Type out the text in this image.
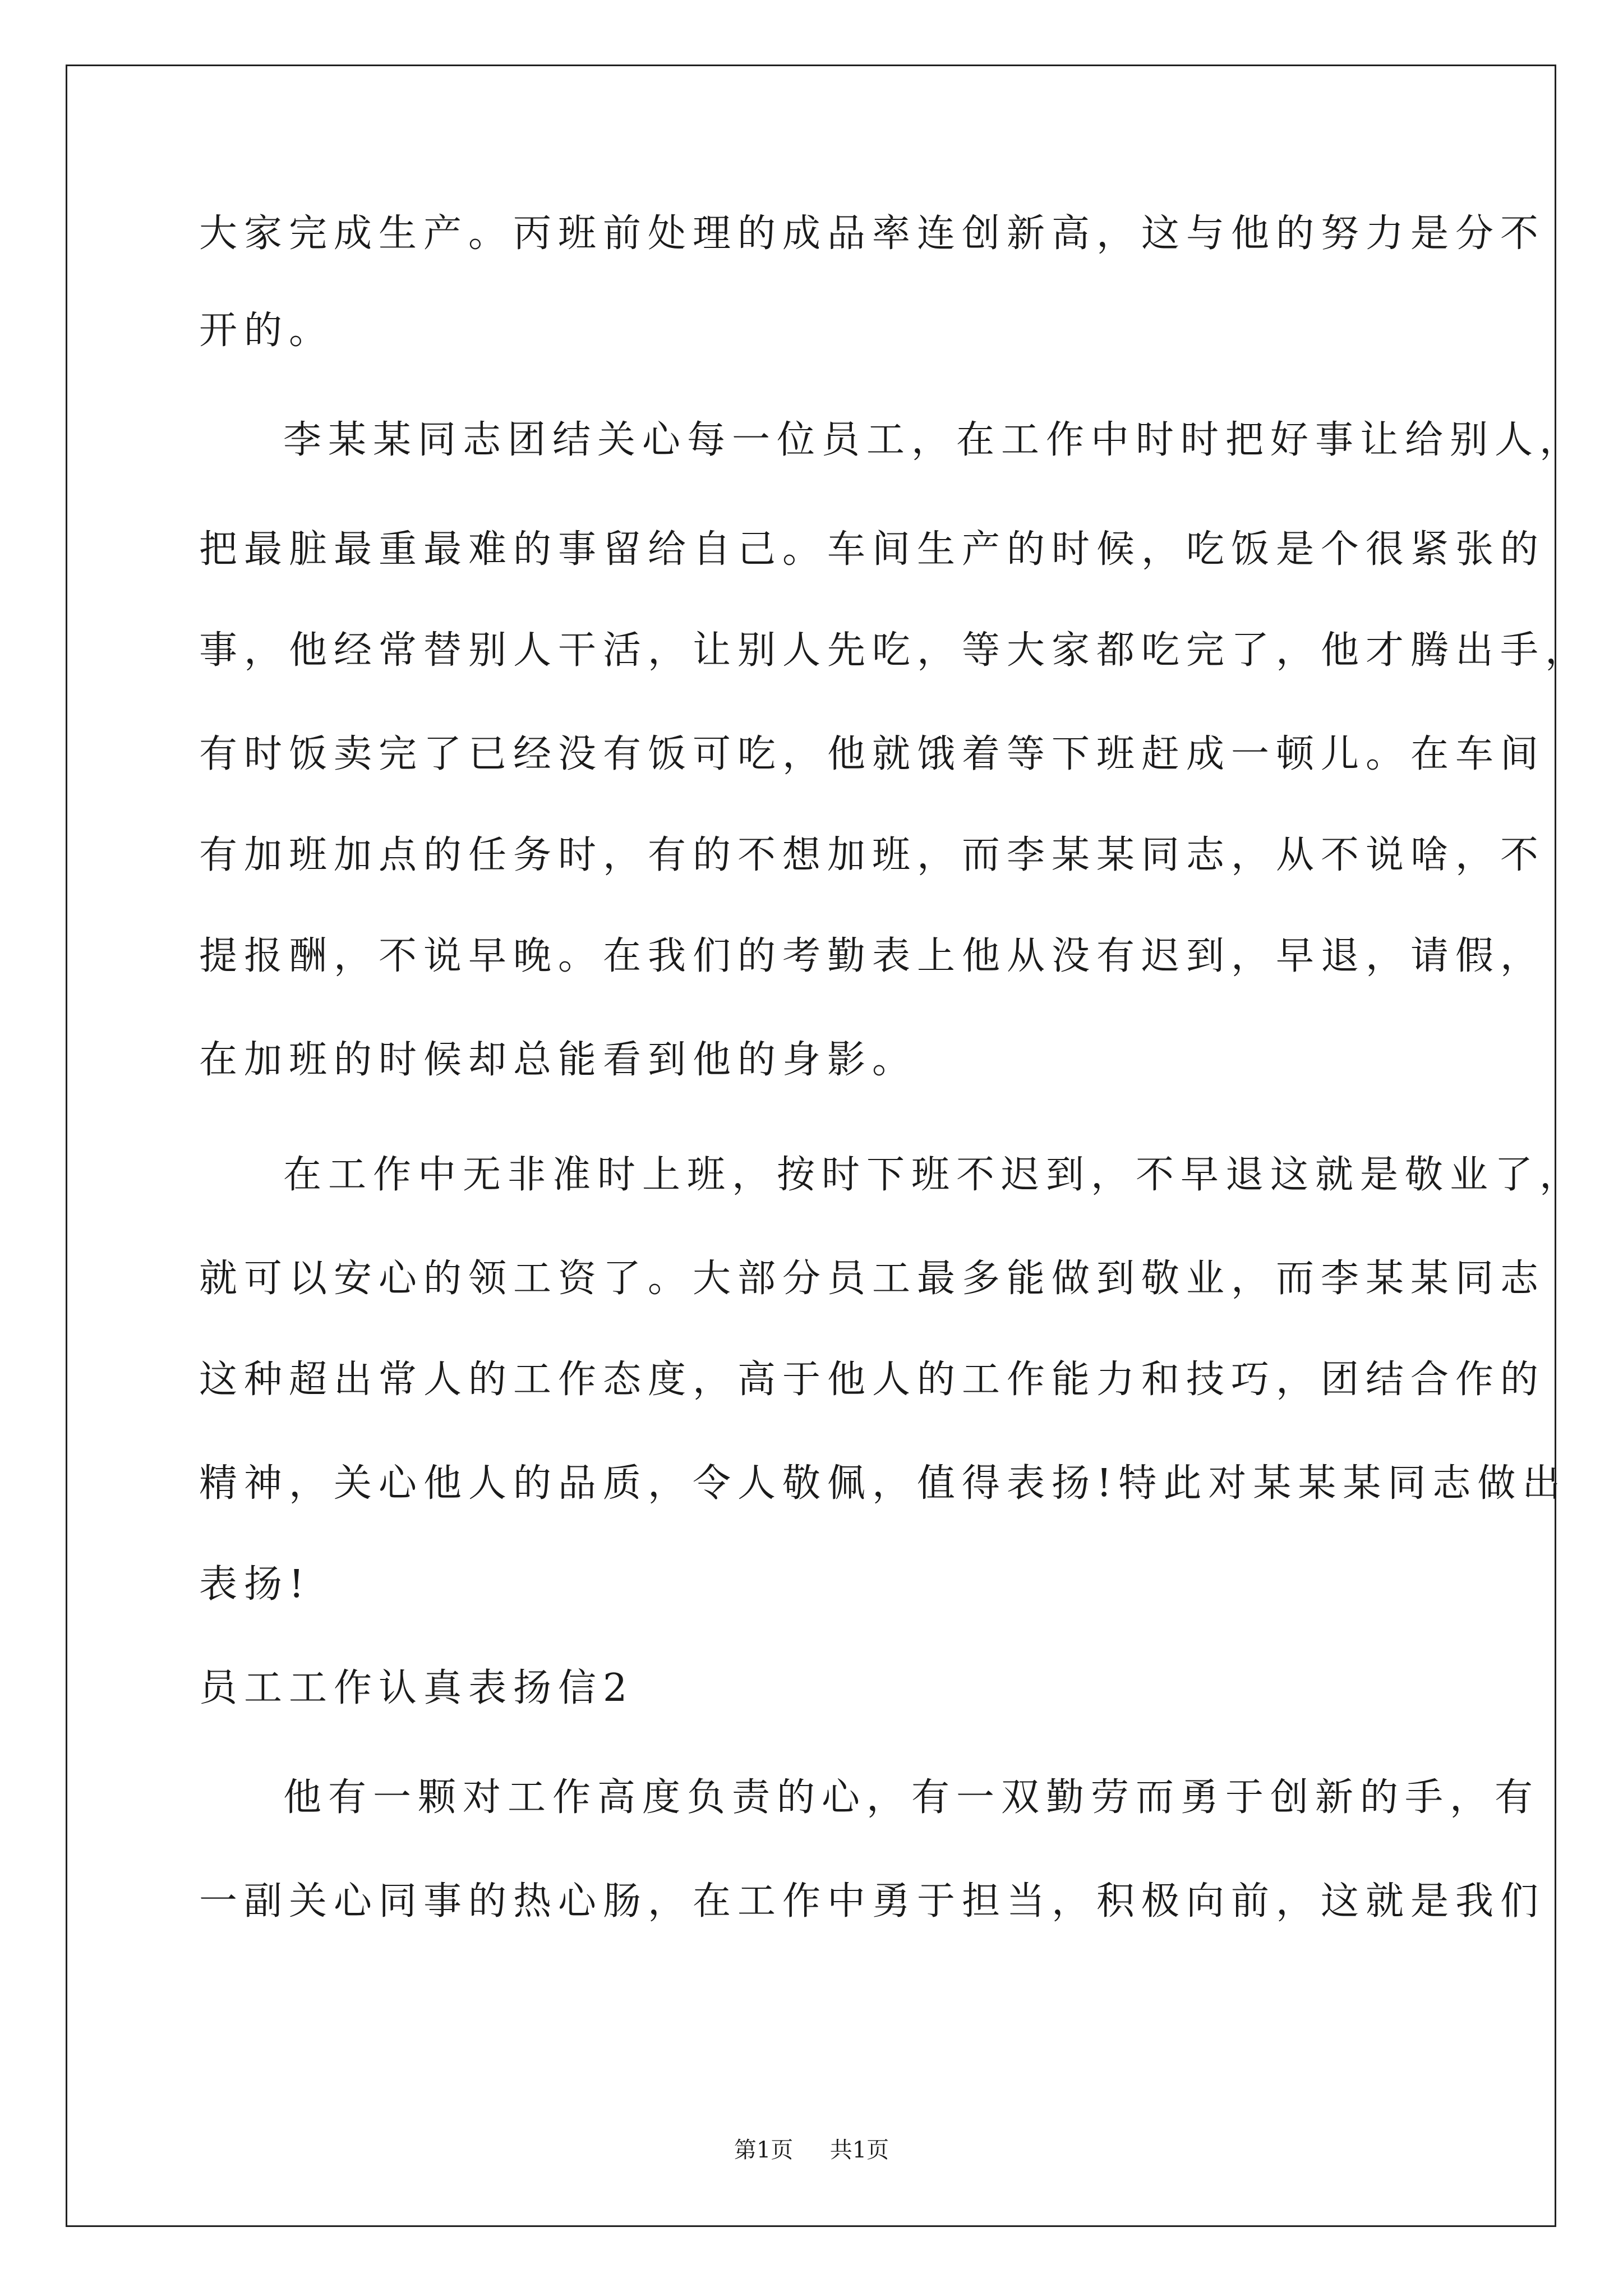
大家完成生产。丙班前处理的成品率连创新高，这与他的努力是分不
开的。
李某某同志团结关心每一位员工，在工作中时时把好事让给别人，
把最脏最重最难的事留给自己。车间生产的时候，吃饭是个很紧张的
事，他经常替别人干活，让别人先吃，等大家都吃完了，他才腾出手，
有时饭卖完了已经没有饭可吃，他就饿着等下班赶成一顿儿。在车间
有加班加点的任务时，有的不想加班，而李某某同志，从不说啥，不
提报酬，不说早晚。在我们的考勤表上他从没有迟到，早退，请假，
在加班的时候却总能看到他的身影。
在工作中无非准时上班，按时下班不迟到，不早退这就是敬业了，
就可以安心的领工资了。大部分员工最多能做到敬业，而李某某同志
这种超出常人的工作态度，高于他人的工作能力和技巧，团结合作的
精神，关心他人的品质，令人敬佩，值得表扬!特此对某某某同志做出
表扬!
员工工作认真表扬信2
他有一颗对工作高度负责的心，有一双勤劳而勇于创新的手，有
一副关心同事的热心肠，在工作中勇于担当，积极向前，这就是我们
第1页 共1页
